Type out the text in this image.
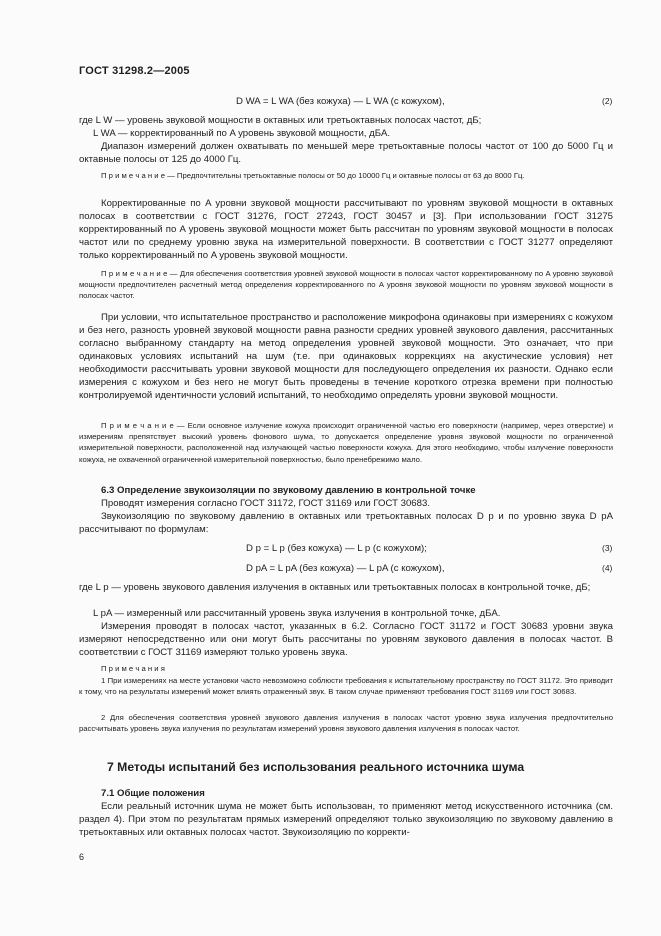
ГОСТ 31298.2—2005
D WA = L WA (без кожуха) — L WA (с кожухом),	(2)
где L W — уровень звуковой мощности в октавных или третьоктавных полосах частот, дБ;
L WA — корректированный по A уровень звуковой мощности, дБA.
Диапазон измерений должен охватывать по меньшей мере третьоктавные полосы частот от 100 до 5000 Гц и октавные полосы от 125 до 4000 Гц.
П р и м е ч а н и е — Предпочтительны третьоктавные полосы от 50 до 10000 Гц и октавные полосы от 63 до 8000 Гц.
Корректированные по A уровни звуковой мощности рассчитывают по уровням звуковой мощности в октавных полосах в соответствии с ГОСТ 31276, ГОСТ 27243, ГОСТ 30457 и [3]. При использовании ГОСТ 31275 корректированный по A уровень звуковой мощности может быть рассчитан по уровням звуковой мощности в полосах частот или по среднему уровню звука на измерительной поверхности. В соответствии с ГОСТ 31277 определяют только корректированный по A уровень звуковой мощности.
П р и м е ч а н и е — Для обеспечения соответствия уровней звуковой мощности в полосах частот корректированному по A уровню звуковой мощности предпочтителен расчетный метод определения корректированного по A уровня звуковой мощности по уровням звуковой мощности в полосах частот.
При условии, что испытательное пространство и расположение микрофона одинаковы при измерениях с кожухом и без него, разность уровней звуковой мощности равна разности средних уровней звукового давления, рассчитанных согласно выбранному стандарту на метод определения уровней звуковой мощности. Это означает, что при одинаковых условиях испытаний на шум (т.е. при одинаковых коррекциях на акустические условия) нет необходимости рассчитывать уровни звуковой мощности для последующего определения их разности. Однако если измерения с кожухом и без него не могут быть проведены в течение короткого отрезка времени при полностью контролируемой идентичности условий испытаний, то необходимо определять уровни звуковой мощности.
П р и м е ч а н и е — Если основное излучение кожуха происходит ограниченной частью его поверхности (например, через отверстие) и измерениям препятствует высокий уровень фонового шума, то допускается определение уровня звуковой мощности по ограниченной измерительной поверхности, расположенной над излучающей частью поверхности кожуха. Для этого необходимо, чтобы излучение поверхности кожуха, не охваченной ограниченной измерительной поверхностью, было пренебрежимо мало.
6.3 Определение звукоизоляции по звуковому давлению в контрольной точке
Проводят измерения согласно ГОСТ 31172, ГОСТ 31169 или ГОСТ 30683.
Звукоизоляцию по звуковому давлению в октавных или третьоктавных полосах D p и по уровню звука D pA рассчитывают по формулам:
D p = L p (без кожуха) — L p (с кожухом);	(3)
D pA = L pA (без кожуха) — L pA (с кожухом),	(4)
где L p — уровень звукового давления излучения в октавных или третьоктавных полосах в контрольной точке, дБ;
L pA — измеренный или рассчитанный уровень звука излучения в контрольной точке, дБA.
Измерения проводят в полосах частот, указанных в 6.2. Согласно ГОСТ 31172 и ГОСТ 30683 уровни звука измеряют непосредственно или они могут быть рассчитаны по уровням звукового давления в полосах частот. В соответствии с ГОСТ 31169 измеряют только уровень звука.
П р и м е ч а н и я
1 При измерениях на месте установки часто невозможно соблюсти требования к испытательному пространству по ГОСТ 31172. Это приводит к тому, что на результаты измерений может влиять отраженный звук. В таком случае применяют требования ГОСТ 31169 или ГОСТ 30683.
2 Для обеспечения соответствия уровней звукового давления излучения в полосах частот уровню звука излучения предпочтительно рассчитывать уровень звука излучения по результатам измерений уровня звукового давления излучения в полосах частот.
7 Методы испытаний без использования реального источника шума
7.1 Общие положения
Если реальный источник шума не может быть использован, то применяют метод искусственного источника (см. раздел 4). При этом по результатам прямых измерений определяют только звукоизоляцию по звуковому давлению в третьоктавных или октавных полосах частот. Звукоизоляцию по корректи-
6
